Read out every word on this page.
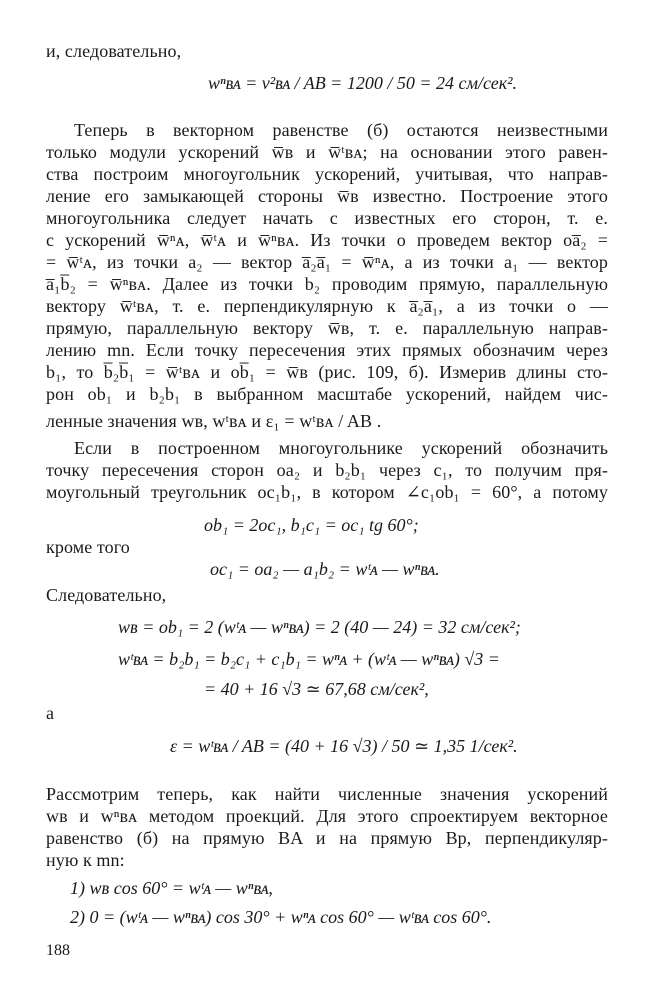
и, следовательно,
wⁿʙᴀ = v²ʙᴀ / AB = 1200 / 50 = 24 см/сек².
Теперь в векторном равенстве (б) остаются неизвестными
только модули ускорений w̅ʙ и w̅ᵗʙᴀ; на основании этого равен-
ства построим многоугольник ускорений, учитывая, что направ-
ление его замыкающей стороны w̅ʙ известно. Построение этого
многоугольника следует начать с известных его сторон, т. е.
с ускорений w̅ⁿᴀ, w̅ᵗᴀ и w̅ⁿʙᴀ. Из точки o проведем вектор oa̅₂ =
= w̅ᵗᴀ, из точки a₂ — вектор a̅₂a̅₁ = w̅ⁿᴀ, а из точки a₁ — вектор
a̅₁b̅₂ = w̅ⁿʙᴀ. Далее из точки b₂ проводим прямую, параллельную
вектору w̅ᵗʙᴀ, т. е. перпендикулярную к a̅₂a̅₁, а из точки o —
прямую, параллельную вектору w̅ʙ, т. е. параллельную направ-
лению mn. Если точку пересечения этих прямых обозначим через
b₁, то b̅₂b̅₁ = w̅ᵗʙᴀ и ob̅₁ = w̅ʙ (рис. 109, б). Измерив длины сто-
рон ob₁ и b₂b₁ в выбранном масштабе ускорений, найдем чис-
ленные значения wʙ, wᵗʙᴀ и ε₁ = wᵗʙᴀ / AB .
Если в построенном многоугольнике ускорений обозначить
точку пересечения сторон oa₂ и b₂b₁ через c₁, то получим пря-
моугольный треугольник oc₁b₁, в котором ∠c₁ob₁ = 60°, а потому
ob₁ = 2oc₁, b₁c₁ = oc₁ tg 60°;
кроме того
oc₁ = oa₂ — a₁b₂ = wᵗᴀ — wⁿʙᴀ.
Следовательно,
wʙ = ob₁ = 2 (wᵗᴀ — wⁿʙᴀ) = 2 (40 — 24) = 32 см/сек²;
wᵗʙᴀ = b₂b₁ = b₂c₁ + c₁b₁ = wⁿᴀ + (wᵗᴀ — wⁿʙᴀ) √3 =
= 40 + 16 √3 ≃ 67,68 см/сек²,
а
ε = wᵗʙᴀ / AB = (40 + 16 √3) / 50 ≃ 1,35 1/сек².
Рассмотрим теперь, как найти численные значения ускорений
wʙ и wⁿʙᴀ методом проекций. Для этого спроектируем векторное
равенство (б) на прямую BA и на прямую Bp, перпендикуляр-
ную к mn:
1) wʙ cos 60° = wᵗᴀ — wⁿʙᴀ,
2) 0 = (wᵗᴀ — wⁿʙᴀ) cos 30° + wⁿᴀ cos 60° — wᵗʙᴀ cos 60°.
188
